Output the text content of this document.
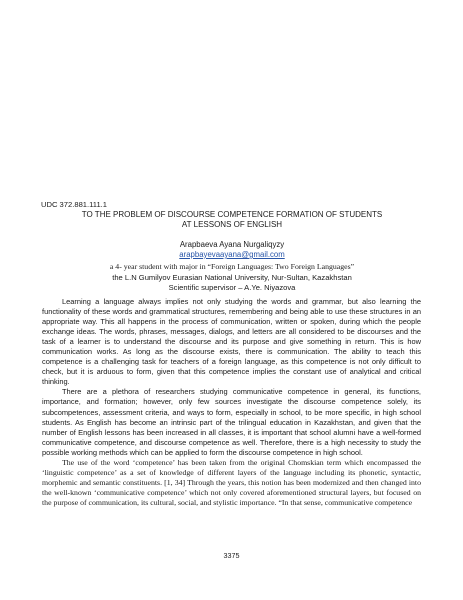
UDC 372.881.111.1
TO THE PROBLEM OF DISCOURSE COMPETENCE FORMATION OF STUDENTS
AT LESSONS OF ENGLISH
Arapbaeva Ayana Nurgaliqyzy
arapbayevaayana@gmail.com
a 4- year student with major in “Foreign Languages: Two Foreign Languages”
the L.N Gumilyov Eurasian National University, Nur-Sultan, Kazakhstan
Scientific supervisor – A.Ye. Niyazova

Learning a language always implies not only studying the words and grammar, but also learning the functionality of these words and grammatical structures, remembering and being able to use these structures in an appropriate way. This all happens in the process of communication, written or spoken, during which the people exchange ideas. The words, phrases, messages, dialogs, and letters are all considered to be discourses and the task of a learner is to understand the discourse and its purpose and give something in return. This is how communication works. As long as the discourse exists, there is communication. The ability to teach this competence is a challenging task for teachers of a foreign language, as this competence is not only difficult to check, but it is arduous to form, given that this competence implies the constant use of analytical and critical thinking.

There are a plethora of researchers studying communicative competence in general, its functions, importance, and formation; however, only few sources investigate the discourse competence solely, its subcompetences, assessment criteria, and ways to form, especially in school, to be more specific, in high school students. As English has become an intrinsic part of the trilingual education in Kazakhstan, and given that the number of English lessons has been increased in all classes, it is important that school alumni have a well-formed communicative competence, and discourse competence as well. Therefore, there is a high necessity to study the possible working methods which can be applied to form the discourse competence in high school.

The use of the word ‘competence’ has been taken from the original Chomskian term which encompassed the ‘linguistic competence’ as a set of knowledge of different layers of the language including its phonetic, syntactic, morphemic and semantic constituents. [1, 34] Through the years, this notion has been modernized and then changed into the well-known ‘communicative competence’ which not only covered aforementioned structural layers, but focused on the purpose of communication, its cultural, social, and stylistic importance. “In that sense, communicative competence

3375
